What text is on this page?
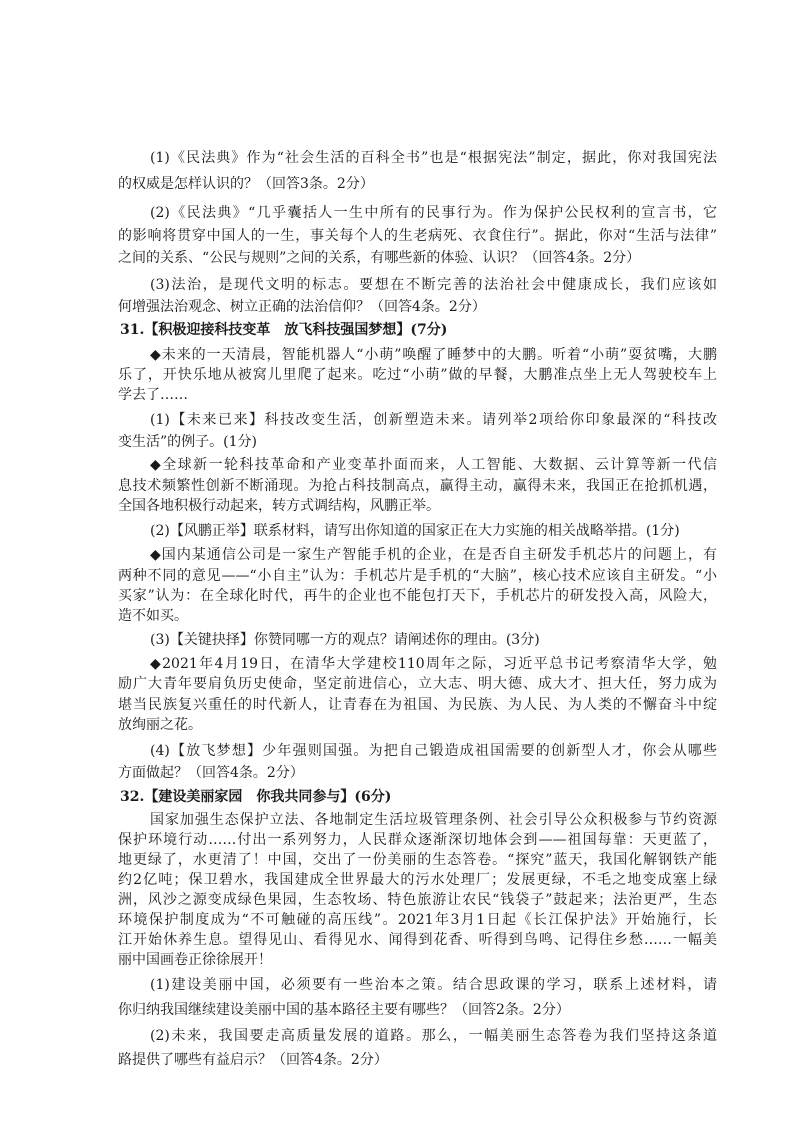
(1)《民法典》作为“社会生活的百科全书”也是“根据宪法”制定，据此，你对我国宪法
的权威是怎样认识的？（回答3条。2分）
(2)《民法典》“几乎囊括人一生中所有的民事行为。作为保护公民权利的宣言书，它
的影响将贯穿中国人的一生，事关每个人的生老病死、衣食住行”。据此，你对“生活与法律”
之间的关系、“公民与规则”之间的关系，有哪些新的体验、认识？（回答4条。2分）
(3)法治，是现代文明的标志。要想在不断完善的法治社会中健康成长，我们应该如
何增强法治观念、树立正确的法治信仰？（回答4条。2分）
31.【积极迎接科技变革　放飞科技强国梦想】(7分)
◆未来的一天清晨，智能机器人“小萌”唤醒了睡梦中的大鹏。听着“小萌”耍贫嘴，大鹏
乐了，开快乐地从被窝儿里爬了起来。吃过“小萌”做的早餐，大鹏准点坐上无人驾驶校车上
学去了……
(1)【未来已来】科技改变生活，创新塑造未来。请列举2项给你印象最深的“科技改
变生活”的例子。(1分)
◆全球新一轮科技革命和产业变革扑面而来，人工智能、大数据、云计算等新一代信
息技术频繁性创新不断涌现。为抢占科技制高点，赢得主动，赢得未来，我国正在抢抓机遇，
全国各地积极行动起来，转方式调结构，风鹏正举。
(2)【风鹏正举】联系材料，请写出你知道的国家正在大力实施的相关战略举措。(1分)
◆国内某通信公司是一家生产智能手机的企业，在是否自主研发手机芯片的问题上，有
两种不同的意见——“小自主”认为：手机芯片是手机的“大脑”，核心技术应该自主研发。“小
买家”认为：在全球化时代，再牛的企业也不能包打天下，手机芯片的研发投入高，风险大，
造不如买。
(3)【关键抉择】你赞同哪一方的观点？请阐述你的理由。(3分)
◆2021年4月19日，在清华大学建校110周年之际，习近平总书记考察清华大学，勉
励广大青年要肩负历史使命，坚定前进信心，立大志、明大德、成大才、担大任，努力成为
堪当民族复兴重任的时代新人，让青春在为祖国、为民族、为人民、为人类的不懈奋斗中绽
放绚丽之花。
(4)【放飞梦想】少年强则国强。为把自己锻造成祖国需要的创新型人才，你会从哪些
方面做起？（回答4条。2分）
32.【建设美丽家园　你我共同参与】(6分)
国家加强生态保护立法、各地制定生活垃圾管理条例、社会引导公众积极参与节约资源
保护环境行动……付出一系列努力，人民群众逐渐深切地体会到——祖国每靠：天更蓝了，
地更绿了，水更清了！中国，交出了一份美丽的生态答卷。“探究”蓝天，我国化解钢铁产能
约2亿吨；保卫碧水，我国建成全世界最大的污水处理厂；发展更绿，不毛之地变成塞上绿
洲，风沙之源变成绿色果园，生态牧场、特色旅游让农民“钱袋子”鼓起来；法治更严，生态
环境保护制度成为“不可触碰的高压线”。2021年3月1日起《长江保护法》开始施行，长
江开始休养生息。望得见山、看得见水、闻得到花香、听得到鸟鸣、记得住乡愁……一幅美
丽中国画卷正徐徐展开！
(1)建设美丽中国，必须要有一些治本之策。结合思政课的学习，联系上述材料，请
你归纳我国继续建设美丽中国的基本路径主要有哪些？（回答2条。2分）
(2)未来，我国要走高质量发展的道路。那么，一幅美丽生态答卷为我们坚持这条道
路提供了哪些有益启示？（回答4条。2分）
